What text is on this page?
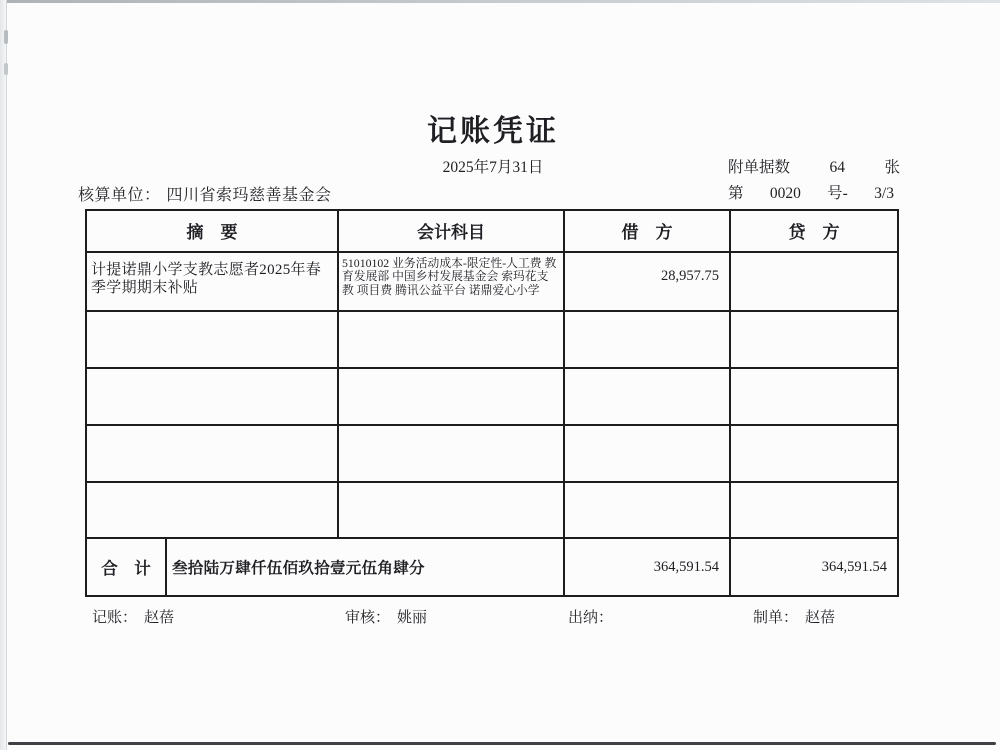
记账凭证
2025年7月31日	附单据数	64	张
第 0020 号- 3/3
核算单位： 四川省索玛慈善基金会
摘　要		会计科目	借　方	贷　方
计提诺鼎小学支教志愿者2025年春季学期期末补贴		51010102 业务活动成本-限定性-人工费 教育发展部 中国乡村发展基金会 索玛花支教 项目费 腾讯公益平台 诺鼎爱心小学	28,957.75	

合　计	叁拾陆万肆仟伍佰玖拾壹元伍角肆分		364,591.54	364,591.54
记账： 赵蓓	审核： 姚丽	出纳：	制单： 赵蓓
